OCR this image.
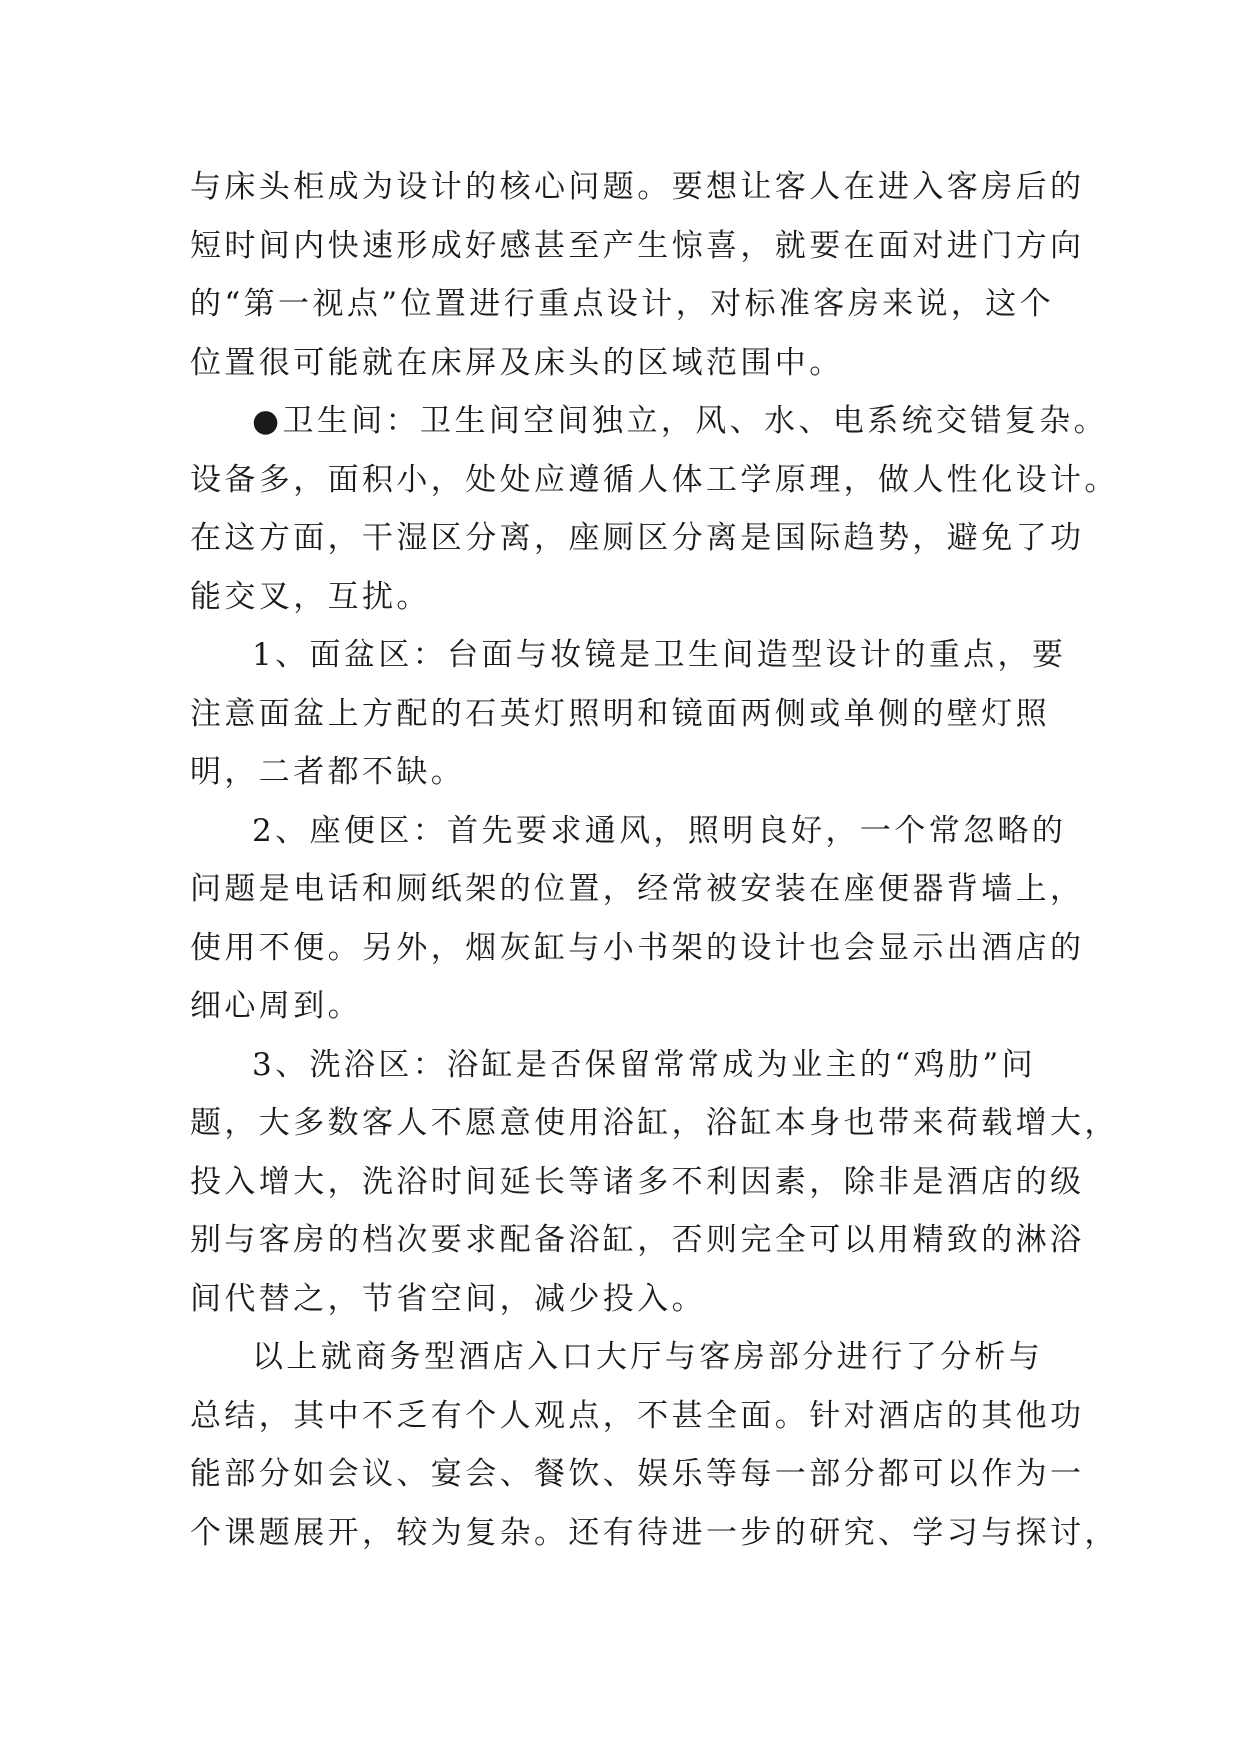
与床头柜成为设计的核心问题。要想让客人在进入客房后的
短时间内快速形成好感甚至产生惊喜，就要在面对进门方向
的“第一视点”位置进行重点设计，对标准客房来说，这个
位置很可能就在床屏及床头的区域范围中。
●卫生间：卫生间空间独立，风、水、电系统交错复杂。
设备多，面积小，处处应遵循人体工学原理，做人性化设计。
在这方面，干湿区分离，座厕区分离是国际趋势，避免了功
能交叉，互扰。
1、面盆区：台面与妆镜是卫生间造型设计的重点，要
注意面盆上方配的石英灯照明和镜面两侧或单侧的壁灯照
明，二者都不缺。
2、座便区：首先要求通风，照明良好，一个常忽略的
问题是电话和厕纸架的位置，经常被安装在座便器背墙上，
使用不便。另外，烟灰缸与小书架的设计也会显示出酒店的
细心周到。
3、洗浴区：浴缸是否保留常常成为业主的“鸡肋”问
题，大多数客人不愿意使用浴缸，浴缸本身也带来荷载增大，
投入增大，洗浴时间延长等诸多不利因素，除非是酒店的级
别与客房的档次要求配备浴缸，否则完全可以用精致的淋浴
间代替之，节省空间，减少投入。
以上就商务型酒店入口大厅与客房部分进行了分析与
总结，其中不乏有个人观点，不甚全面。针对酒店的其他功
能部分如会议、宴会、餐饮、娱乐等每一部分都可以作为一
个课题展开，较为复杂。还有待进一步的研究、学习与探讨，
